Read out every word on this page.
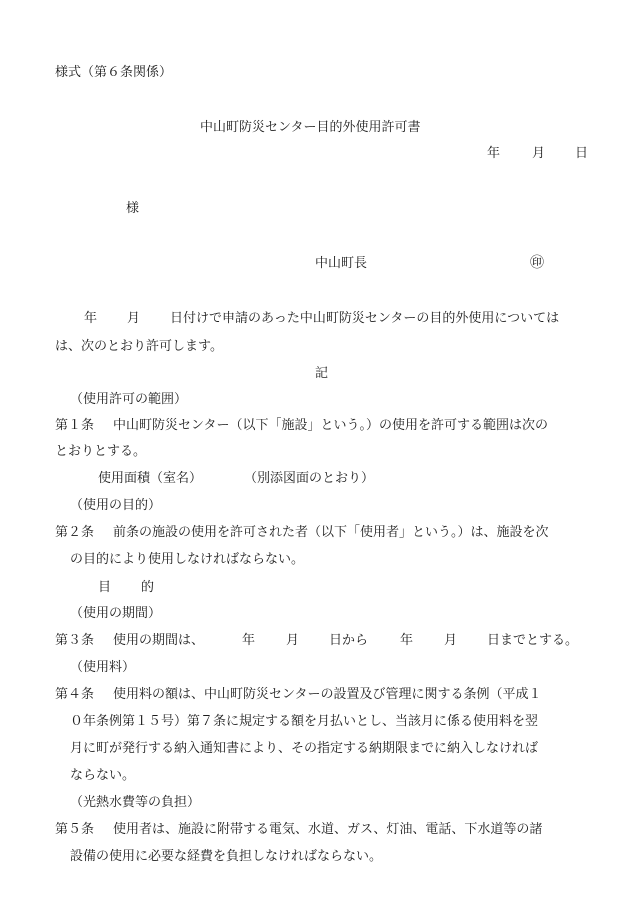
様式（第６条関係）
中山町防災センター目的外使用許可書
年 月 日
様
中山町長	㊞
年 月 日付けで申請のあった中山町防災センターの目的外使用については
は、次のとおり許可します。
記
（使用許可の範囲）
第１条 中山町防災センター（以下「施設」という。）の使用を許可する範囲は次の
とおりとする。
使用面積（室名）	（別添図面のとおり）
（使用の目的）
第２条 前条の施設の使用を許可された者（以下「使用者」という。）は、施設を次
の目的により使用しなければならない。
目 的
（使用の期間）
第３条 使用の期間は、	年 月 日から 年 月 日までとする。
（使用料）
第４条 使用料の額は、中山町防災センターの設置及び管理に関する条例（平成１
０年条例第１５号）第７条に規定する額を月払いとし、当該月に係る使用料を翌
月に町が発行する納入通知書により、その指定する納期限までに納入しなければ
ならない。
（光熱水費等の負担）
第５条 使用者は、施設に附帯する電気、水道、ガス、灯油、電話、下水道等の諸
設備の使用に必要な経費を負担しなければならない。
